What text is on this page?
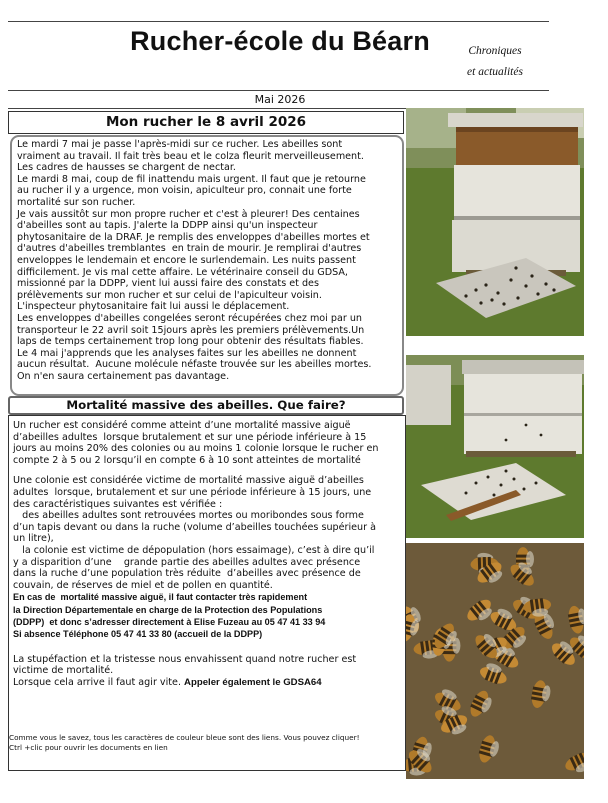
Rucher-école du Béarn	Chroniques
et actualités
Mai 2026
Mon rucher le 8 avril 2026

Le mardi 7 mai je passe l'après-midi sur ce rucher. Les abeilles sont

vraiment au travail. Il fait très beau et le colza fleurit merveilleusement.

Les cadres de hausses se chargent de nectar.

Le mardi 8 mai, coup de fil inattendu mais urgent. Il faut que je retourne

au rucher il y a urgence, mon voisin, apiculteur pro, connait une forte

mortalité sur son rucher.

Je vais aussitôt sur mon propre rucher et c'est à pleurer! Des centaines

d'abeilles sont au tapis. J'alerte la DDPP ainsi qu'un inspecteur

phytosanitaire de la DRAF. Je remplis des enveloppes d'abeilles mortes et

d'autres d'abeilles tremblantes  en train de mourir. Je remplirai d'autres

enveloppes le lendemain et encore le surlendemain. Les nuits passent

difficilement. Je vis mal cette affaire. Le vétérinaire conseil du GDSA,

missionné par la DDPP, vient lui aussi faire des constats et des

prélèvements sur mon rucher et sur celui de l'apiculteur voisin.

L'inspecteur phytosanitaire fait lui aussi le déplacement.

Les enveloppes d'abeilles congelées seront récupérées chez moi par un

transporteur le 22 avril soit 15jours après les premiers prélèvements.Un

laps de temps certainement trop long pour obtenir des résultats fiables.

Le 4 mai j'apprends que les analyses faites sur les abeilles ne donnent

aucun résultat.  Aucune molécule néfaste trouvée sur les abeilles mortes.

On n'en saura certainement pas davantage.

Mortalité massive des abeilles. Que faire?

Un rucher est considéré comme atteint d’une mortalité massive aiguë

d’abeilles adultes  lorsque brutalement et sur une période inférieure à 15

jours au moins 20% des colonies ou au moins 1 colonie lorsque le rucher en

compte 2 à 5 ou 2 lorsqu’il en compte 6 à 10 sont atteintes de mortalité

Une colonie est considérée victime de mortalité massive aiguë d’abeilles

adultes  lorsque, brutalement et sur une période inférieure à 15 jours, une

des caractéristiques suivantes est vérifiée :

des abeilles adultes sont retrouvées mortes ou moribondes sous forme

d’un tapis devant ou dans la ruche (volume d’abeilles touchées supérieur à

un litre),

la colonie est victime de dépopulation (hors essaimage), c’est à dire qu’il

y a disparition d’une    grande partie des abeilles adultes avec présence

dans la ruche d’une population très réduite  d’abeilles avec présence de

couvain, de réserves de miel et de pollen en quantité.

En cas de  mortalité massive aiguë, il faut contacter très rapidement

la Direction Départementale en charge de la Protection des Populations

(DDPP)  et donc s’adresser directement à Elise Fuzeau au 05 47 41 33 94

Si absence Téléphone 05 47 41 33 80 (accueil de la DDPP)

La stupéfaction et la tristesse nous envahissent quand notre rucher est

victime de mortalité.

Lorsque cela arrive il faut agir vite. Appeler également le GDSA64

Comme vous le savez, tous les caractères de couleur bleue sont des liens. Vous pouvez cliquer!
Ctrl +clic pour ouvrir les documents en lien
